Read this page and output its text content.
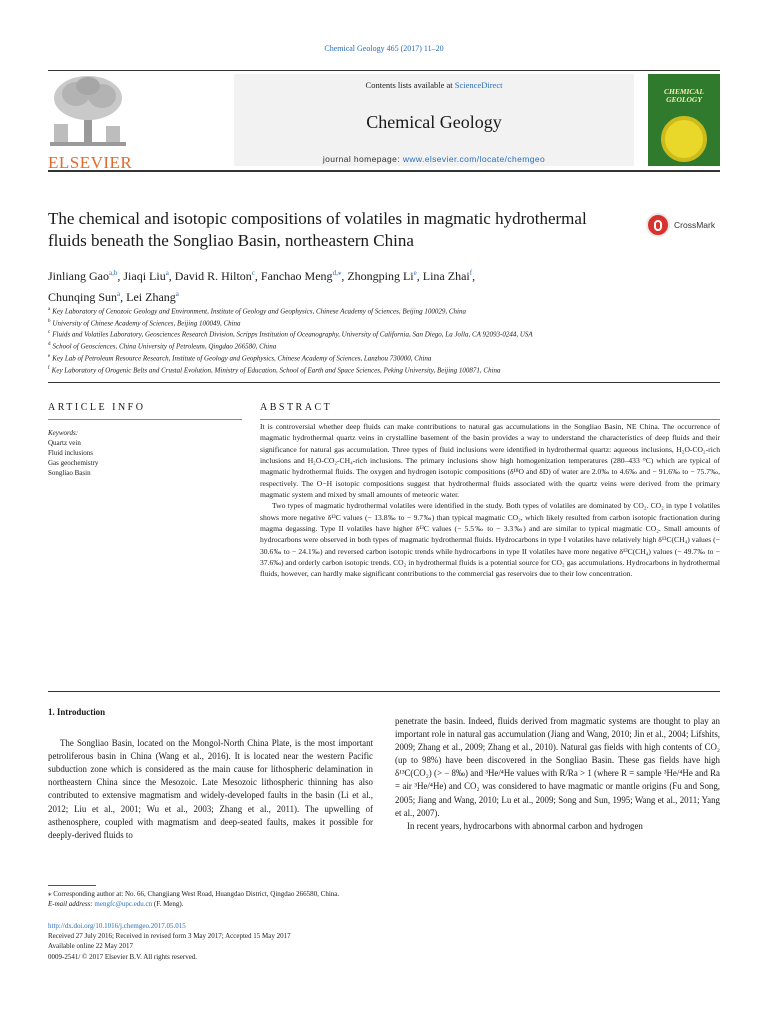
Chemical Geology 465 (2017) 11–20
ELSEVIER
Contents lists available at ScienceDirect
Chemical Geology
journal homepage: www.elsevier.com/locate/chemgeo
CHEMICAL
GEOLOGY
The chemical and isotopic compositions of volatiles in magmatic hydrothermal fluids beneath the Songliao Basin, northeastern China
CrossMark
Jinliang Gao$^{a,b}$, Jiaqi Liu$^a$, David R. Hilton$^c$, Fanchao Meng$^{d,⁎}$, Zhongping Li$^e$, Lina Zhai$^f$,
Chunqing Sun$^a$, Lei Zhang$^a$
$^a$ Key Laboratory of Cenozoic Geology and Environment, Institute of Geology and Geophysics, Chinese Academy of Sciences, Beijing 100029, China
$^b$ University of Chinese Academy of Sciences, Beijing 100049, China
$^c$ Fluids and Volatiles Laboratory, Geosciences Research Division, Scripps Institution of Oceanography, University of California, San Diego, La Jolla, CA 92093-0244, USA
$^d$ School of Geosciences, China University of Petroleum, Qingdao 266580, China
$^e$ Key Lab of Petroleum Resource Research, Institute of Geology and Geophysics, Chinese Academy of Sciences, Lanzhou 730000, China
$^f$ Key Laboratory of Orogenic Belts and Crustal Evolution, Ministry of Education, School of Earth and Space Sciences, Peking University, Beijing 100871, China
ARTICLE INFO	ABSTRACT
Keywords:
Quartz vein
Fluid inclusions
Gas geochemistry
Songliao Basin

It is controversial whether deep fluids can make contributions to natural gas accumulations in the Songliao Basin, NE China. The occurrence of magmatic hydrothermal quartz veins in crystalline basement of the basin provides a way to understand the characteristics of deep fluids and their significance for natural gas accumulation. Three types of fluid inclusions were identified in hydrothermal quartz: aqueous inclusions, H₂O-CO₂-rich inclusions and H₂O-CO₂-CH₄-rich inclusions. The primary inclusions show high homogenization temperatures (280–433 °C) which are typical of magmatic hydrothermal fluids. The oxygen and hydrogen isotopic compositions (δ¹⁸O and δD) of water are 2.0‰ to 4.6‰ and − 91.6‰ to − 75.7‰, respectively. The O−H isotopic compositions suggest that hydrothermal fluids associated with the quartz veins were derived from the primary magmatic system and mixed by small amounts of meteoric water.

Two types of magmatic hydrothermal volatiles were identified in the study. Both types of volatiles are dominated by CO₂. CO₂ in type I volatiles shows more negative δ¹³C values (− 13.8‰ to − 9.7‰) than typical magmatic CO₂, which likely resulted from carbon isotopic fractionation during magma degassing. Type II volatiles have higher δ¹³C values (− 5.5‰ to − 3.3‰) and are similar to typical magmatic CO₂. Small amounts of hydrocarbons were observed in both types of magmatic hydrothermal fluids. Hydrocarbons in type I volatiles have relatively high δ¹³C(CH₄) values (− 30.6‰ to − 24.1‰) and reversed carbon isotopic trends while hydrocarbons in type II volatiles have more negative δ¹³C(CH₄) values (− 49.7‰ to − 37.6‰) and orderly carbon isotopic trends. CO₂ in hydrothermal fluids is a potential source for CO₂ gas accumulations. Hydrocarbons in hydrothermal fluids, however, can hardly make significant contributions to the commercial gas reservoirs due to their low concentration.

1. Introduction

The Songliao Basin, located on the Mongol-North China Plate, is the most important petroliferous basin in China (Wang et al., 2016). It is located near the western Pacific subduction zone which is considered as the main cause for lithospheric delamination in northeastern China since the Mesozoic. Late Mesozoic lithospheric thinning has also contributed to extensive magmatism and widely-developed faults in the basin (Li et al., 2012; Liu et al., 2001; Wu et al., 2003; Zhang et al., 2011). The upwelling of asthenosphere, coupled with magmatism and deep-seated faults, makes it possible for deeply-derived fluids to

penetrate the basin. Indeed, fluids derived from magmatic systems are thought to play an important role in natural gas accumulation (Jiang and Wang, 2010; Jin et al., 2004; Lifshits, 2009; Zhang et al., 2009; Zhang et al., 2010). Natural gas fields with high contents of CO₂ (up to 98%) have been discovered in the Songliao Basin. These gas fields have high δ¹³C(CO₂) (> − 8‰) and ³He/⁴He values with R/Ra > 1 (where R = sample ³He/⁴He and Ra = air ³He/⁴He) and CO₂ was considered to have magmatic or mantle origins (Fu and Song, 2005; Jiang and Wang, 2010; Lu et al., 2009; Song and Sun, 1995; Wang et al., 2011; Yang et al., 2007).

In recent years, hydrocarbons with abnormal carbon and hydrogen

⁎ Corresponding author at: No. 66, Changjiang West Road, Huangdao District, Qingdao 266580, China.
E-mail address: mengfc@upc.edu.cn (F. Meng).
http://dx.doi.org/10.1016/j.chemgeo.2017.05.015
Received 27 July 2016; Received in revised form 3 May 2017; Accepted 15 May 2017
Available online 22 May 2017
0009-2541/ © 2017 Elsevier B.V. All rights reserved.
